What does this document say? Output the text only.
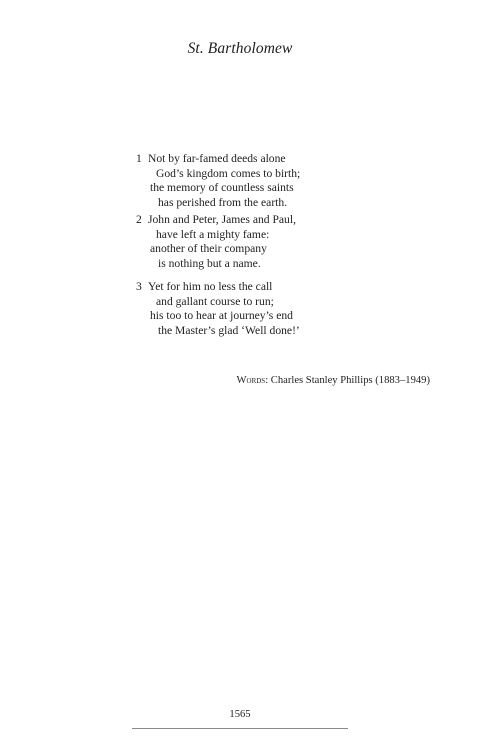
St. Bartholomew
1 Not by far-famed deeds alone
God’s kingdom comes to birth;
the memory of countless saints
has perished from the earth.
2 John and Peter, James and Paul,
have left a mighty fame:
another of their company
is nothing but a name.
3 Yet for him no less the call
and gallant course to run;
his too to hear at journey’s end
the Master’s glad ‘Well done!’
Words: Charles Stanley Phillips (1883–1949)
1565
